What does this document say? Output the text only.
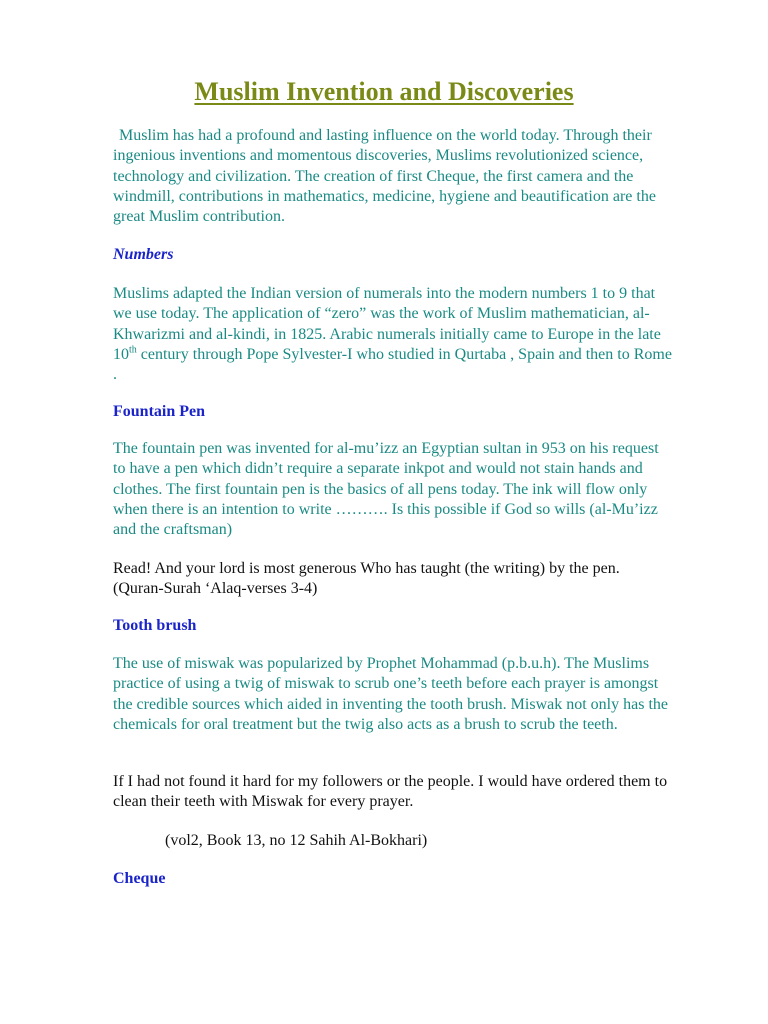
Muslim Invention and Discoveries

Muslim has had a profound and lasting influence on the world today. Through their ingenious inventions and momentous discoveries, Muslims revolutionized science, technology and civilization. The creation of first Cheque, the first camera and the windmill, contributions in mathematics, medicine, hygiene and beautification are the great Muslim contribution.

Numbers

Muslims adapted the Indian version of numerals into the modern numbers 1 to 9 that we use today. The application of “zero” was the work of Muslim mathematician, al-Khwarizmi and al-kindi, in 1825. Arabic numerals initially came to Europe in the late 10th century through Pope Sylvester-I who studied in Qurtaba , Spain and then to Rome .

Fountain Pen

The fountain pen was invented for al-mu’izz an Egyptian sultan in 953 on his request to have a pen which didn’t require a separate inkpot and would not stain hands and clothes. The first fountain pen is the basics of all pens today. The ink will flow only when there is an intention to write ………. Is this possible if God so wills (al-Mu’izz and the craftsman)

Read! And your lord is most generous Who has taught (the writing) by the pen. (Quran-Surah ‘Alaq-verses 3-4)

Tooth brush

The use of miswak was popularized by Prophet Mohammad (p.b.u.h). The Muslims practice of using a twig of miswak to scrub one’s teeth before each prayer is amongst the credible sources which aided in inventing the tooth brush. Miswak not only has the chemicals for oral treatment but the twig also acts as a brush to scrub the teeth.

If I had not found it hard for my followers or the people. I would have ordered them to clean their teeth with Miswak for every prayer.

(vol2, Book 13, no 12 Sahih Al-Bokhari)

Cheque
